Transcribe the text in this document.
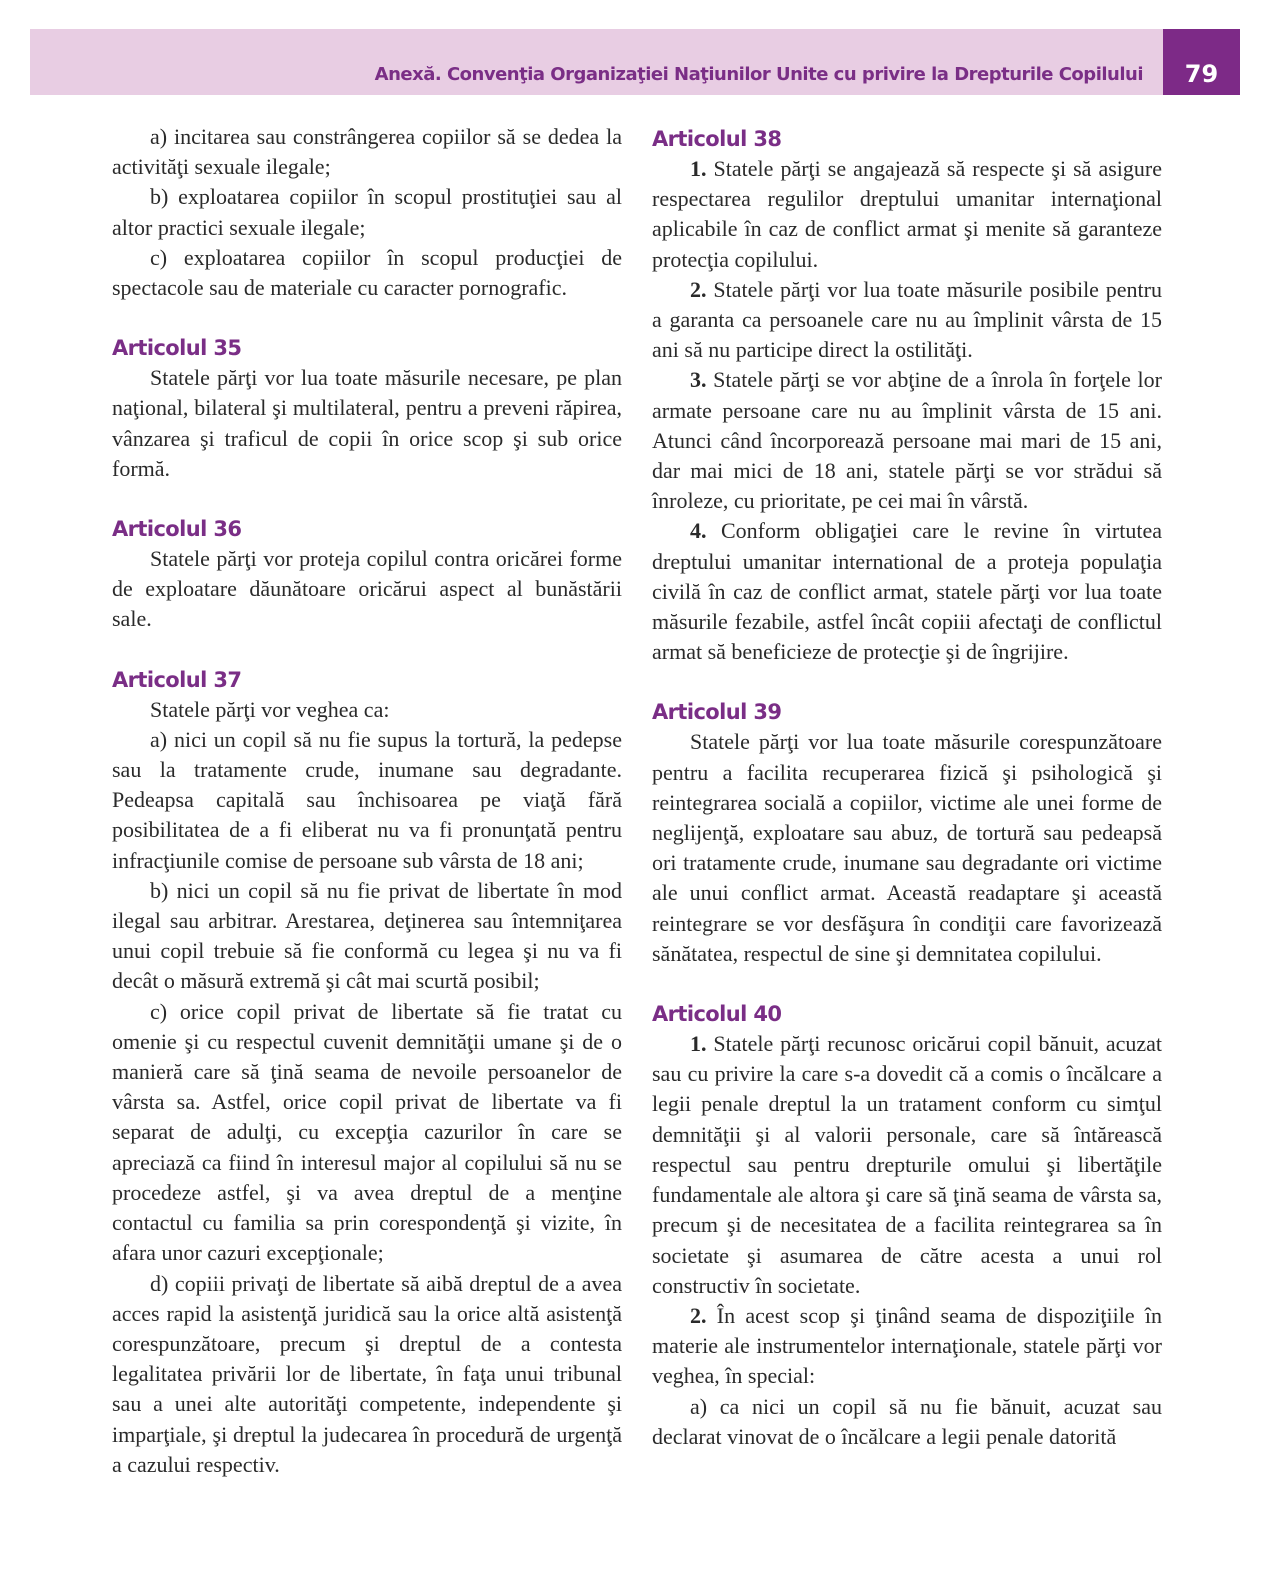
Anexă. Convenţia Organizaţiei Naţiunilor Unite cu privire la Drepturile Copilului	79

a) incitarea sau constrângerea copiilor să se dedea la activităţi sexuale ilegale;

b) exploatarea copiilor în scopul prostituţiei sau al altor practici sexuale ilegale;

c) exploatarea copiilor în scopul producţiei de spectacole sau de materiale cu caracter pornografic.

Articolul 35

Statele părţi vor lua toate măsurile necesare, pe plan naţional, bilateral şi multilateral, pentru a preveni răpirea, vânzarea şi traficul de copii în orice scop şi sub orice formă.

Articolul 36

Statele părţi vor proteja copilul contra oricărei forme de exploatare dăunătoare oricărui aspect al bunăstării sale.

Articolul 37

Statele părţi vor veghea ca:

a) nici un copil să nu fie supus la tortură, la pedepse sau la tratamente crude, inumane sau degradante. Pedeapsa capitală sau închisoarea pe viaţă fără posibilitatea de a fi eliberat nu va fi pronunţată pentru infracţiunile comise de persoane sub vârsta de 18 ani;

b) nici un copil să nu fie privat de libertate în mod ilegal sau arbitrar. Arestarea, deţinerea sau întemniţarea unui copil trebuie să fie conformă cu legea şi nu va fi decât o măsură extremă şi cât mai scurtă posibil;

c) orice copil privat de libertate să fie tratat cu omenie şi cu respectul cuvenit demnităţii umane şi de o manieră care să ţină seama de nevoile persoanelor de vârsta sa. Astfel, orice copil privat de libertate va fi separat de adulţi, cu excepţia cazurilor în care se apreciază ca fiind în interesul major al copilului să nu se procedeze astfel, şi va avea dreptul de a menţine contactul cu familia sa prin corespondenţă şi vizite, în afara unor cazuri excepţionale;

d) copiii privaţi de libertate să aibă dreptul de a avea acces rapid la asistenţă juridică sau la orice altă asistenţă corespunzătoare, precum şi dreptul de a contesta legalitatea privării lor de libertate, în faţa unui tribunal sau a unei alte autorităţi competente, independente şi imparţiale, şi dreptul la judecarea în procedură de urgenţă a cazului respectiv.

Articolul 38

1. Statele părţi se angajează să respecte şi să asigure respectarea regulilor dreptului umanitar internaţional aplicabile în caz de conflict armat şi menite să garanteze protecţia copilului.

2. Statele părţi vor lua toate măsurile posibile pentru a garanta ca persoanele care nu au împlinit vârsta de 15 ani să nu participe direct la ostilităţi.

3. Statele părţi se vor abţine de a înrola în forţele lor armate persoane care nu au împlinit vârsta de 15 ani. Atunci când încorporează persoane mai mari de 15 ani, dar mai mici de 18 ani, statele părţi se vor strădui să înroleze, cu prioritate, pe cei mai în vârstă.

4. Conform obligaţiei care le revine în virtutea dreptului umanitar international de a proteja populaţia civilă în caz de conflict armat, statele părţi vor lua toate măsurile fezabile, astfel încât copiii afectaţi de conflictul armat să beneficieze de protecţie şi de îngrijire.

Articolul 39

Statele părţi vor lua toate măsurile corespunzătoare pentru a facilita recuperarea fizică şi psihologică şi reintegrarea socială a copiilor, victime ale unei forme de neglijenţă, exploatare sau abuz, de tortură sau pedeapsă ori tratamente crude, inumane sau degradante ori victime ale unui conflict armat. Această readaptare şi această reintegrare se vor desfăşura în condiţii care favorizează sănătatea, respectul de sine şi demnitatea copilului.

Articolul 40

1. Statele părţi recunosc oricărui copil bănuit, acuzat sau cu privire la care s-a dovedit că a comis o încălcare a legii penale dreptul la un tratament conform cu simţul demnităţii şi al valorii personale, care să întărească respectul sau pentru drepturile omului şi libertăţile fundamentale ale altora şi care să ţină seama de vârsta sa, precum şi de necesitatea de a facilita reintegrarea sa în societate şi asumarea de către acesta a unui rol constructiv în societate.

2. În acest scop şi ţinând seama de dispoziţiile în materie ale instrumentelor internaţionale, statele părţi vor veghea, în special:

a) ca nici un copil să nu fie bănuit, acuzat sau declarat vinovat de o încălcare a legii penale datorită
